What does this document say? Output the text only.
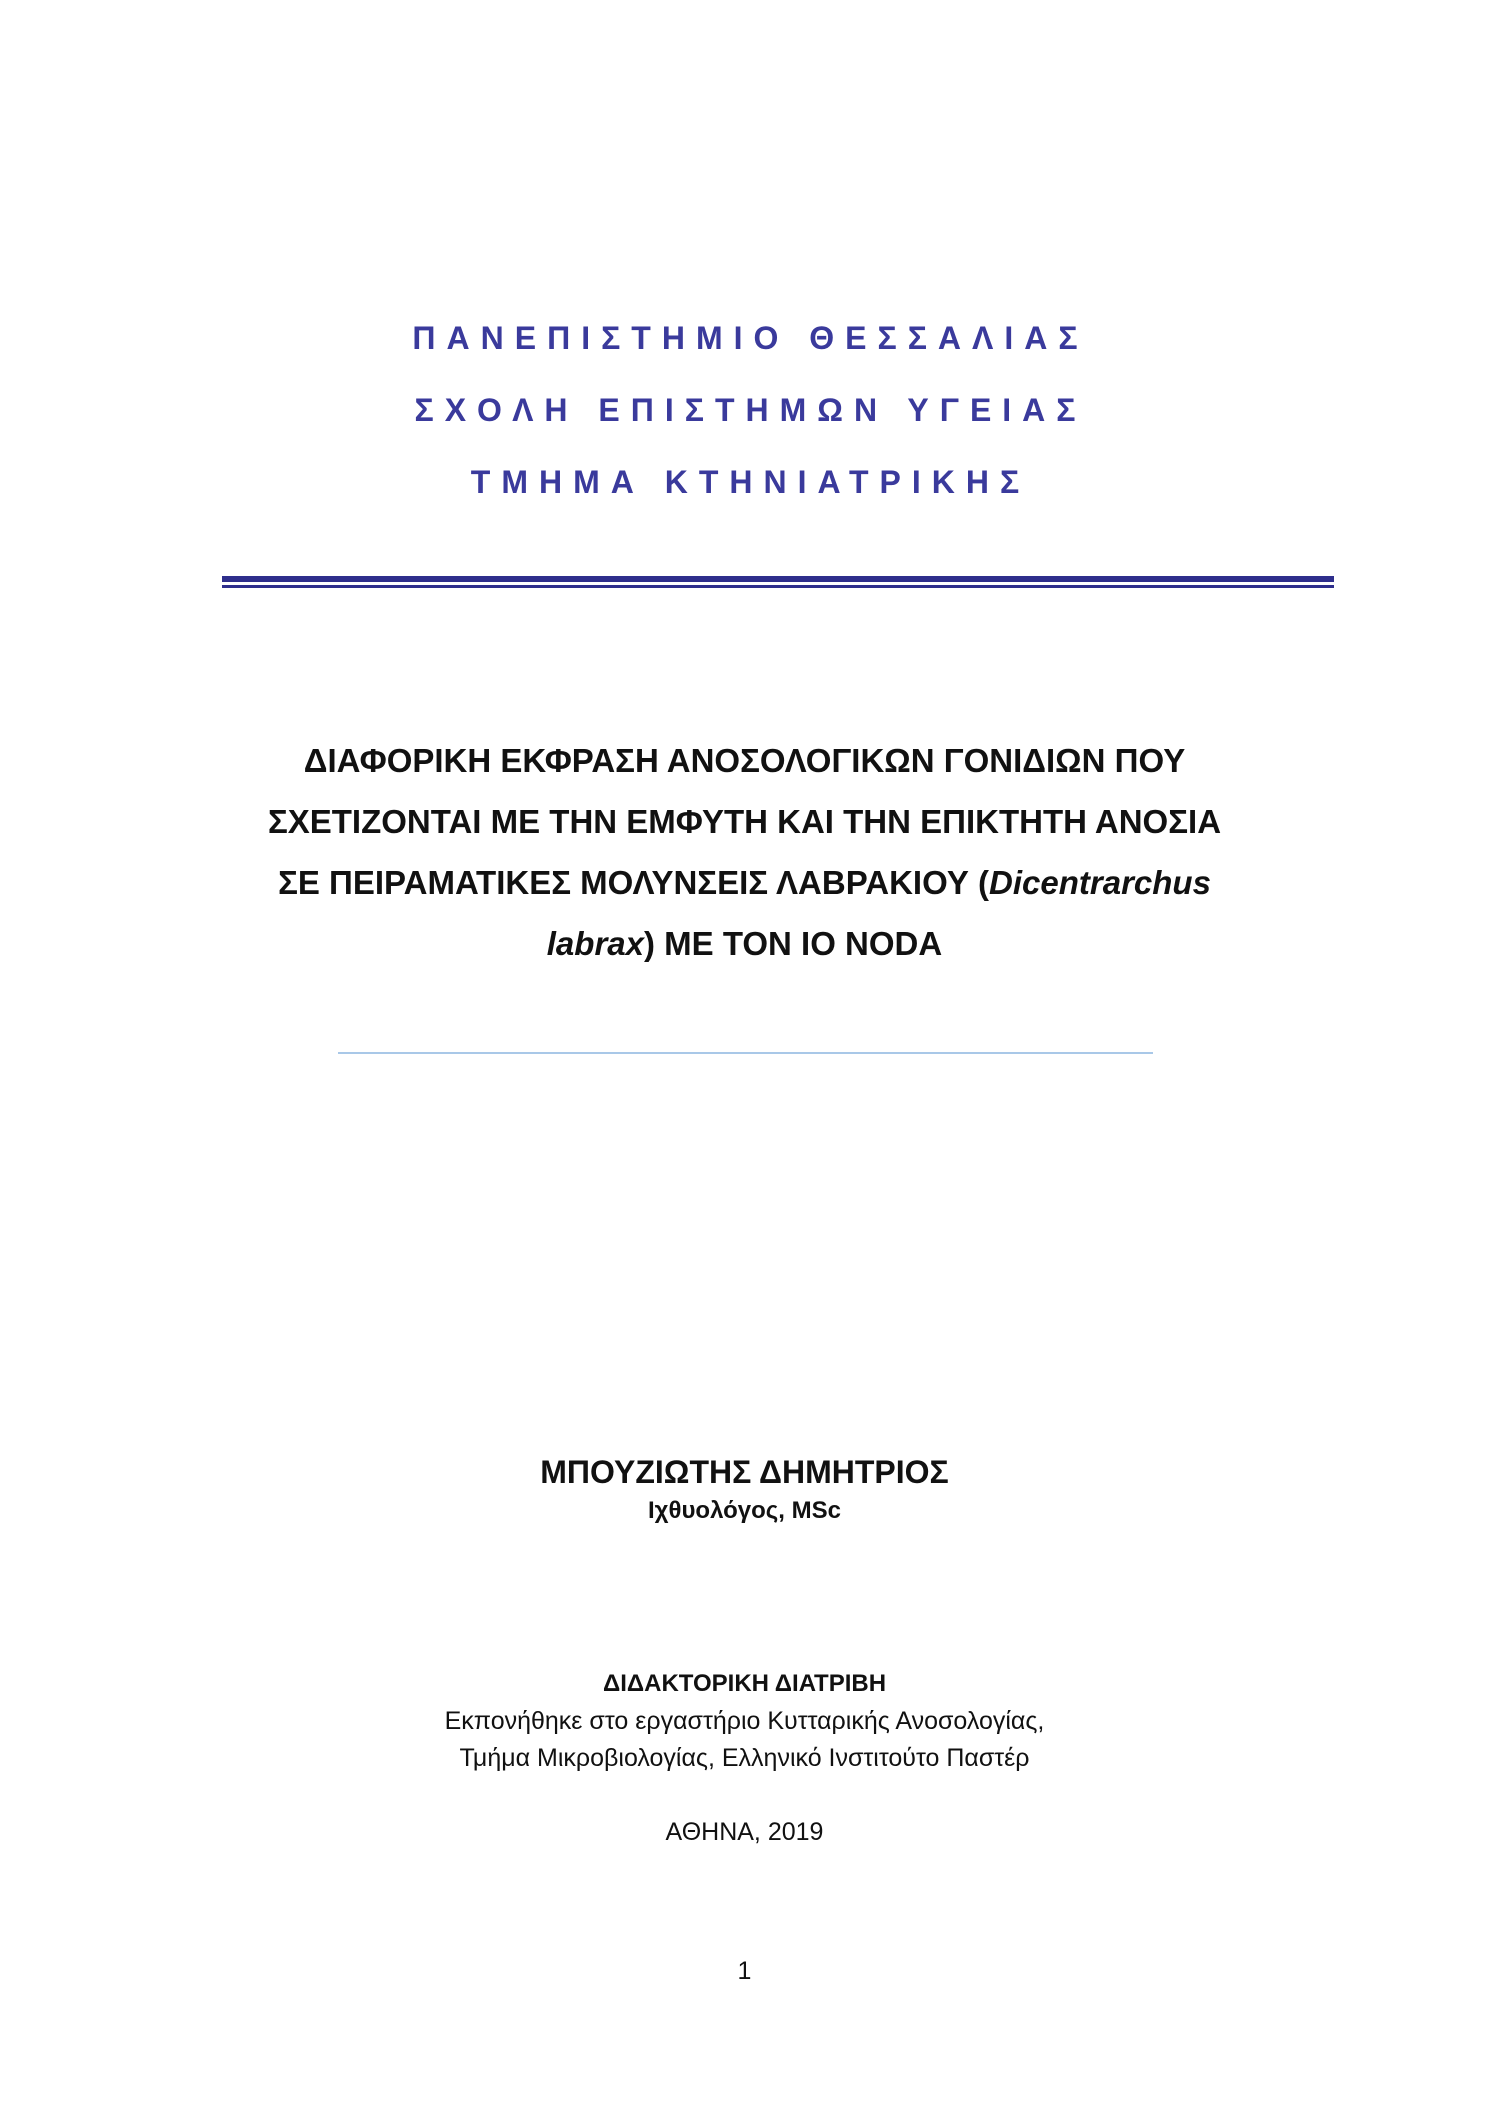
ΠΑΝΕΠΙΣΤΗΜΙΟ ΘΕΣΣΑΛΙΑΣ
ΣΧΟΛΗ ΕΠΙΣΤΗΜΩΝ ΥΓΕΙΑΣ
ΤΜΗΜΑ ΚΤΗΝΙΑΤΡΙΚΗΣ
ΔΙΑΦΟΡΙΚΗ ΕΚΦΡΑΣΗ ΑΝΟΣΟΛΟΓΙΚΩΝ ΓΟΝΙΔΙΩΝ ΠΟΥ
ΣΧΕΤΙΖΟΝΤΑΙ ΜΕ ΤΗΝ ΕΜΦΥΤΗ ΚΑΙ ΤΗΝ ΕΠΙΚΤΗΤΗ ΑΝΟΣΙΑ
ΣΕ ΠΕΙΡΑΜΑΤΙΚΕΣ ΜΟΛΥΝΣΕΙΣ ΛΑΒΡΑΚΙΟΥ (Dicentrarchus
labrax) ΜΕ ΤΟΝ ΙΟ NODA
ΜΠΟΥΖΙΩΤΗΣ ΔΗΜΗΤΡΙΟΣ
Ιχθυολόγος, MSc
ΔΙΔΑΚΤΟΡΙΚΗ ΔΙΑΤΡΙΒΗ
Εκπονήθηκε στο εργαστήριο Κυτταρικής Ανοσολογίας,
Τμήμα Μικροβιολογίας, Ελληνικό Ινστιτούτο Παστέρ
ΑΘΗΝΑ, 2019
1
